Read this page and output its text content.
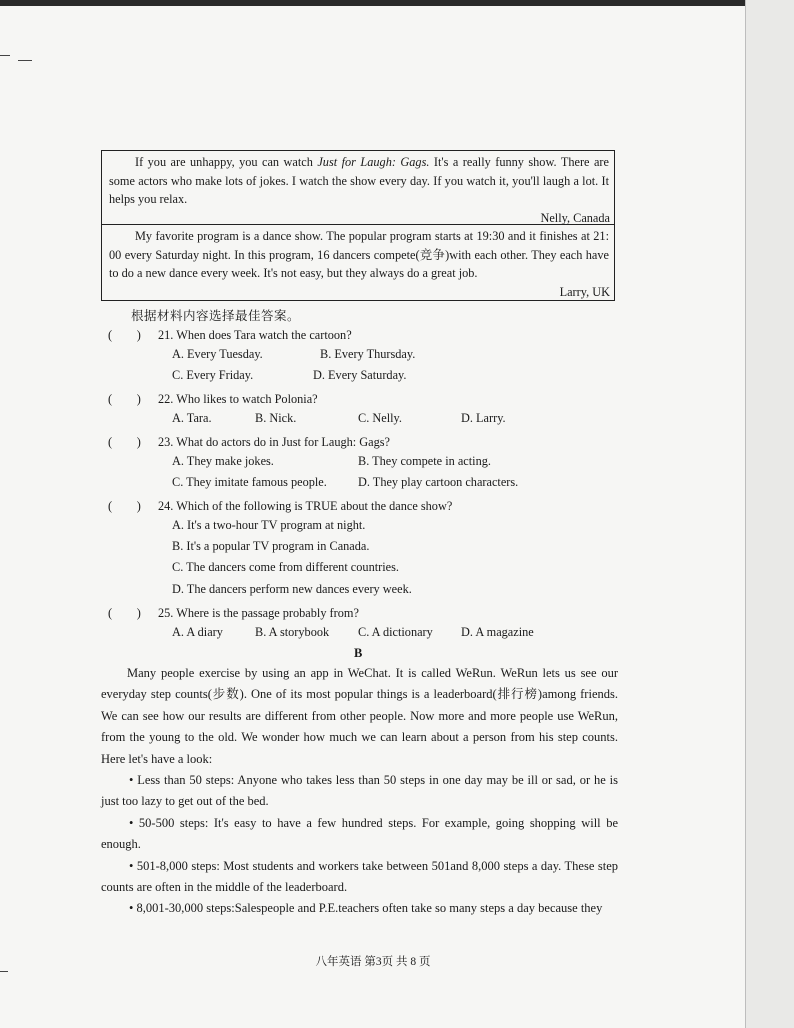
If you are unhappy, you can watch Just for Laugh: Gags. It's a really funny show. There are some actors who make lots of jokes. I watch the show every day. If you watch it, you'll laugh a lot. It helps you relax.

Nelly, Canada

My favorite program is a dance show. The popular program starts at 19:30 and it finishes at 21: 00 every Saturday night. In this program, 16 dancers compete(竞争)with each other. They each have to do a new dance every week. It's not easy, but they always do a great job.

Larry, UK

根据材料内容选择最佳答案。
(　　) 21. When does Tara watch the cartoon?
A. Every Tuesday.	B. Every Thursday.
C. Every Friday.	D. Every Saturday.
(　　) 22. Who likes to watch Polonia?
A. Tara.	B. Nick.	C. Nelly.	D. Larry.
(　　) 23. What do actors do in Just for Laugh: Gags?
A. They make jokes.	B. They compete in acting.
C. They imitate famous people.	D. They play cartoon characters.
(　　) 24. Which of the following is TRUE about the dance show?
A. It's a two-hour TV program at night.
B. It's a popular TV program in Canada.
C. The dancers come from different countries.
D. The dancers perform new dances every week.
(　　) 25. Where is the passage probably from?
A. A diary	B. A storybook C. A dictionary D. A magazine
B

Many people exercise by using an app in WeChat. It is called WeRun. WeRun lets us see our everyday step counts(步数). One of its most popular things is a leaderboard(排行榜)among friends. We can see how our results are different from other people. Now more and more people use WeRun, from the young to the old. We wonder how much we can learn about a person from his step counts. Here let's have a look:

• Less than 50 steps: Anyone who takes less than 50 steps in one day may be ill or sad, or he is just too lazy to get out of the bed.

• 50-500 steps: It's easy to have a few hundred steps. For example, going shopping will be enough.

• 501-8,000 steps: Most students and workers take between 501and 8,000 steps a day. These step counts are often in the middle of the leaderboard.

• 8,001-30,000 steps:Salespeople and P.E.teachers often take so many steps a day because they

八年英语 第3页 共 8 页
